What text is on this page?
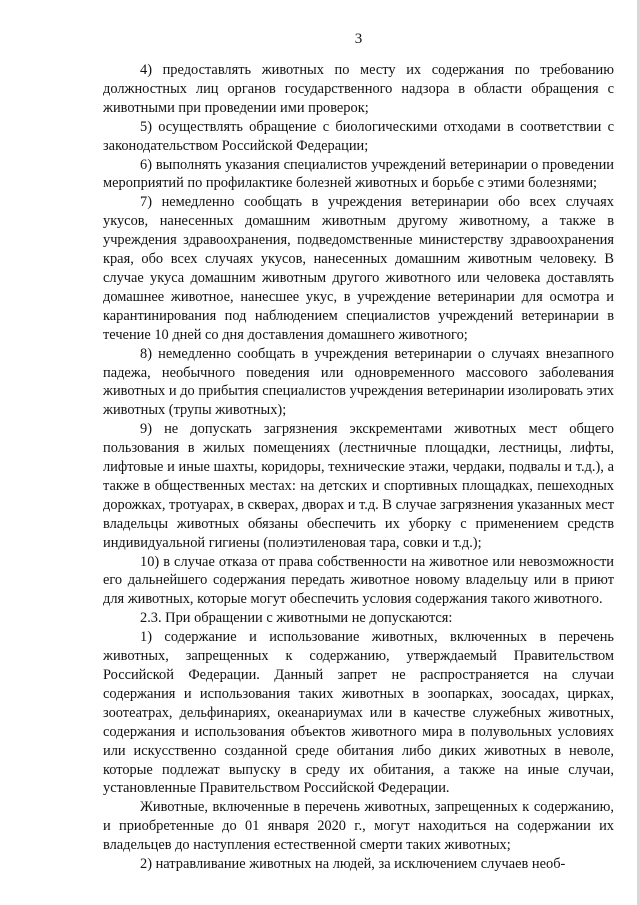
3

4) предоставлять животных по месту их содержания по требованию должностных лиц органов государственного надзора в области обращения с животными при проведении ими проверок;

5) осуществлять обращение с биологическими отходами в соответствии с законодательством Российской Федерации;

6) выполнять указания специалистов учреждений ветеринарии о проведении мероприятий по профилактике болезней животных и борьбе с этими болезнями;

7) немедленно сообщать в учреждения ветеринарии обо всех случаях укусов, нанесенных домашним животным другому животному, а также в учреждения здравоохранения, подведомственные министерству здравоохранения края, обо всех случаях укусов, нанесенных домашним животным человеку. В случае укуса домашним животным другого животного или человека доставлять домашнее животное, нанесшее укус, в учреждение ветеринарии для осмотра и карантинирования под наблюдением специалистов учреждений ветеринарии в течение 10 дней со дня доставления домашнего животного;

8) немедленно сообщать в учреждения ветеринарии о случаях внезапного падежа, необычного поведения или одновременного массового заболевания животных и до прибытия специалистов учреждения ветеринарии изолировать этих животных (трупы животных);

9) не допускать загрязнения экскрементами животных мест общего пользования в жилых помещениях (лестничные площадки, лестницы, лифты, лифтовые и иные шахты, коридоры, технические этажи, чердаки, подвалы и т.д.), а также в общественных местах: на детских и спортивных площадках, пешеходных дорожках, тротуарах, в скверах, дворах и т.д. В случае загрязнения указанных мест владельцы животных обязаны обеспечить их уборку с применением средств индивидуальной гигиены (полиэтиленовая тара, совки и т.д.);

10) в случае отказа от права собственности на животное или невозможности его дальнейшего содержания передать животное новому владельцу или в приют для животных, которые могут обеспечить условия содержания такого животного.

2.3. При обращении с животными не допускаются:

1) содержание и использование животных, включенных в перечень животных, запрещенных к содержанию, утверждаемый Правительством Российской Федерации. Данный запрет не распространяется на случаи содержания и использования таких животных в зоопарках, зоосадах, цирках, зоотеатрах, дельфинариях, океанариумах или в качестве служебных животных, содержания и использования объектов животного мира в полувольных условиях или искусственно созданной среде обитания либо диких животных в неволе, которые подлежат выпуску в среду их обитания, а также на иные случаи, установленные Правительством Российской Федерации.

Животные, включенные в перечень животных, запрещенных к содержанию, и приобретенные до 01 января 2020 г., могут находиться на содержании их владельцев до наступления естественной смерти таких животных;

2) натравливание животных на людей, за исключением случаев необ-
